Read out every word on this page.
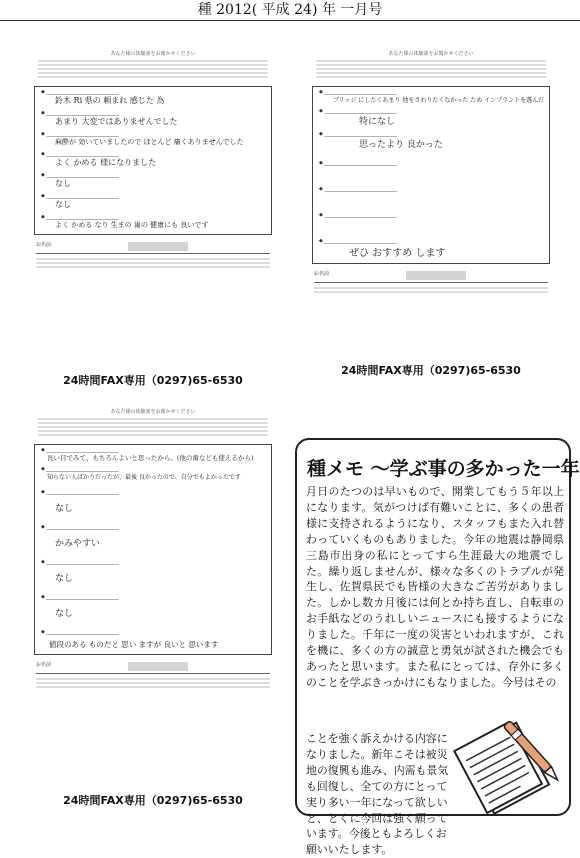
種 2012( 平成 24) 年 一月号
あなた様の体験談をお聞かせください
◆ _____________________________
鈴木 Ri 県の 頼まれ 感じた 為
◆ _____________________________
あまり 大変ではありませんでした
◆ _____________________________
麻酔が 効いていましたので ほとんど 痛くありませんでした
◆ _____________________________
よく かめる 様になりました
◆ _____________________________
なし
◆ _____________________________
なし
◆ _____________________________
よく かめる なり 生まの 歯の 健康にも 良いです
お名前
24時間FAX専用（0297)65-6530
あなた様の体験談をお聞かせください
◆ _____________________________
ブリッジ にしたくあまり 他をさわりたくなかった ため インプラントを選んだ
◆ _____________________________
特になし
◆ _____________________________
思ったより 良かった
◆ _____________________________
◆ _____________________________
◆ _____________________________
◆ _____________________________
ぜひ おすすめ します
お名前
24時間FAX専用（0297)65-6530
あなた様の体験談をお聞かせください
◆ _____________________________
長い目でみて、もちろんよいと思ったから。(他の歯なども使えるから)
◆ _____________________________
知らない人ばかりだったが、最後 良かったので、自分でもよかったです
◆ _____________________________
なし
◆ _____________________________
かみやすい
◆ _____________________________
なし
◆ _____________________________
なし
◆ _____________________________
値段のある ものだと 思い ますが 良いと 思います
お名前
24時間FAX専用（0297)65-6530
種メモ ～学ぶ事の多かった一年
月日のたつのは早いもので、開業してもう５年以上になります。気がつけば有難いことに、多くの患者様に支持されるようになり、スタッフもまた入れ替わっていくものもありました。今年の地震は静岡県三島市出身の私にとってすら生涯最大の地震でした。繰り返しませんが、様々な多くのトラブルが発生し、佐賀県民でも皆様の大きなご苦労がありました。しかし数カ月後には何とか持ち直し、自転車のお手紙などのうれしいニュースにも接するようになりました。千年に一度の災害といわれますが、これを機に、多くの方の誠意と勇気が試された機会でもあったと思います。また私にとっては、存外に多くのことを学ぶきっかけにもなりました。今号はその
ことを強く訴えかける内容になりました。新年こそは被災地の復興も進み、内需も景気も回復し、全ての方にとって実り多い一年になって欲しいと、とくに今回は強く願っています。今後ともよろしくお願いいたします。
